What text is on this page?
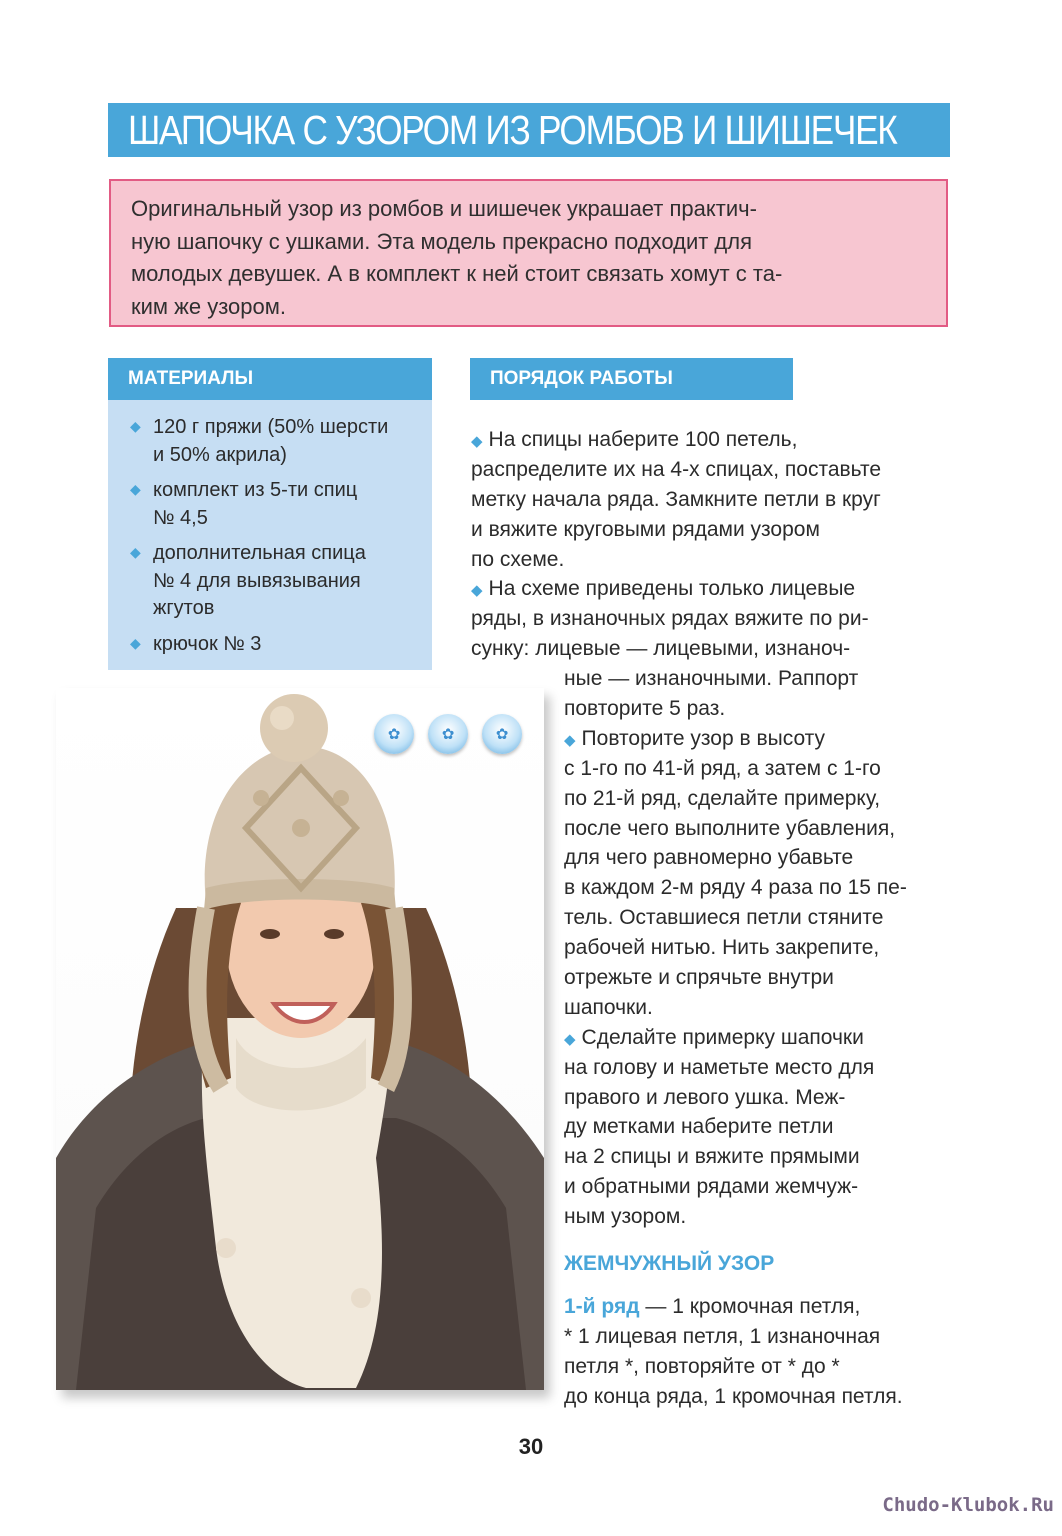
ШАПОЧКА С УЗОРОМ ИЗ РОМБОВ И ШИШЕЧЕК
Оригинальный узор из ромбов и шишечек украшает практич-
ную шапочку с ушками. Эта модель прекрасно подходит для
молодых девушек. А в комплект к ней стоит связать хомут с та-
ким же узором.
МАТЕРИАЛЫ
◆ 120 г пряжи (50% шерсти
и 50% акрила)
◆ комплект из 5-ти спиц
№ 4,5
◆ дополнительная спица
№ 4 для вывязывания
жгутов
◆ крючок № 3
ПОРЯДОК РАБОТЫ
◆ На спицы наберите 100 петель,
распределите их на 4-х спицах, поставьте
метку начала ряда. Замкните петли в круг
и вяжите круговыми рядами узором
по схеме.
◆ На схеме приведены только лицевые
ряды, в изнаночных рядах вяжите по ри-
сунку: лицевые — лицевыми, изнаноч-
ные — изнаночными. Раппорт
повторите 5 раз.
◆ Повторите узор в высоту
с 1-го по 41-й ряд, а затем с 1-го
по 21-й ряд, сделайте примерку,
после чего выполните убавления,
для чего равномерно убавьте
в каждом 2-м ряду 4 раза по 15 пе-
тель. Оставшиеся петли стяните
рабочей нитью. Нить закрепите,
отрежьте и спрячьте внутри
шапочки.
◆ Сделайте примерку шапочки
на голову и наметьте место для
правого и левого ушка. Меж-
ду метками наберите петли
на 2 спицы и вяжите прямыми
и обратными рядами жемчуж-
ным узором.
ЖЕМЧУЖНЫЙ УЗОР
1-й ряд — 1 кромочная петля,
* 1 лицевая петля, 1 изнаночная
петля *, повторяйте от * до *
до конца ряда, 1 кромочная петля.
✿	✿	✿
30
Chudo-Klubok.Ru
